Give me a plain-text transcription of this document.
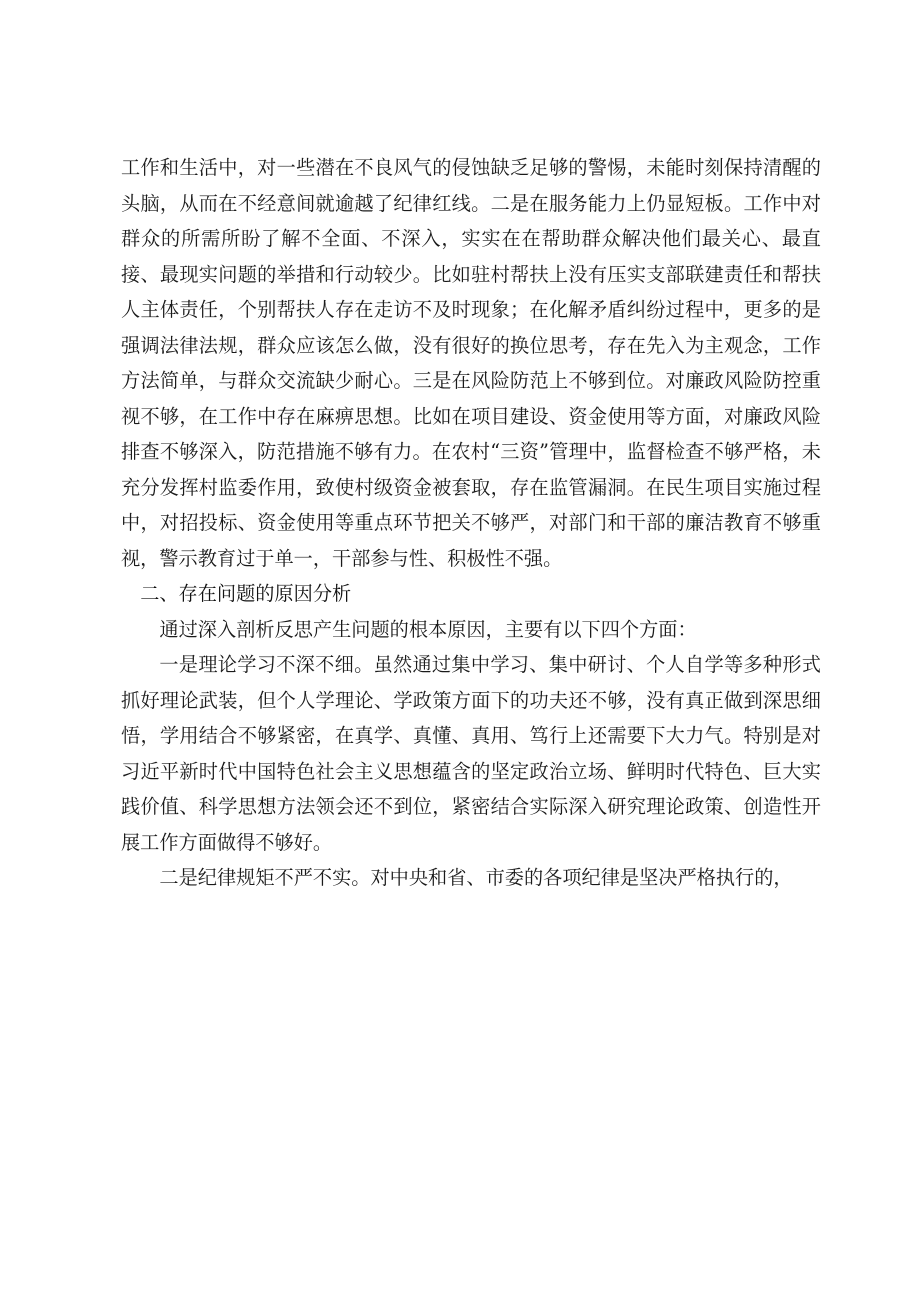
工作和生活中，对一些潜在不良风气的侵蚀缺乏足够的警惕，未能时刻保持清醒的头脑，从而在不经意间就逾越了纪律红线。二是在服务能力上仍显短板。工作中对群众的所需所盼了解不全面、不深入，实实在在帮助群众解决他们最关心、最直接、最现实问题的举措和行动较少。比如驻村帮扶上没有压实支部联建责任和帮扶人主体责任，个别帮扶人存在走访不及时现象；在化解矛盾纠纷过程中，更多的是强调法律法规，群众应该怎么做，没有很好的换位思考，存在先入为主观念，工作方法简单，与群众交流缺少耐心。三是在风险防范上不够到位。对廉政风险防控重视不够，在工作中存在麻痹思想。比如在项目建设、资金使用等方面，对廉政风险排查不够深入，防范措施不够有力。在农村“三资”管理中，监督检查不够严格，未充分发挥村监委作用，致使村级资金被套取，存在监管漏洞。在民生项目实施过程中，对招投标、资金使用等重点环节把关不够严，对部门和干部的廉洁教育不够重视，警示教育过于单一，干部参与性、积极性不强。

二、存在问题的原因分析

通过深入剖析反思产生问题的根本原因，主要有以下四个方面：

一是理论学习不深不细。虽然通过集中学习、集中研讨、个人自学等多种形式抓好理论武装，但个人学理论、学政策方面下的功夫还不够，没有真正做到深思细悟，学用结合不够紧密，在真学、真懂、真用、笃行上还需要下大力气。特别是对习近平新时代中国特色社会主义思想蕴含的坚定政治立场、鲜明时代特色、巨大实践价值、科学思想方法领会还不到位，紧密结合实际深入研究理论政策、创造性开展工作方面做得不够好。

二是纪律规矩不严不实。对中央和省、市委的各项纪律是坚决严格执行的，
